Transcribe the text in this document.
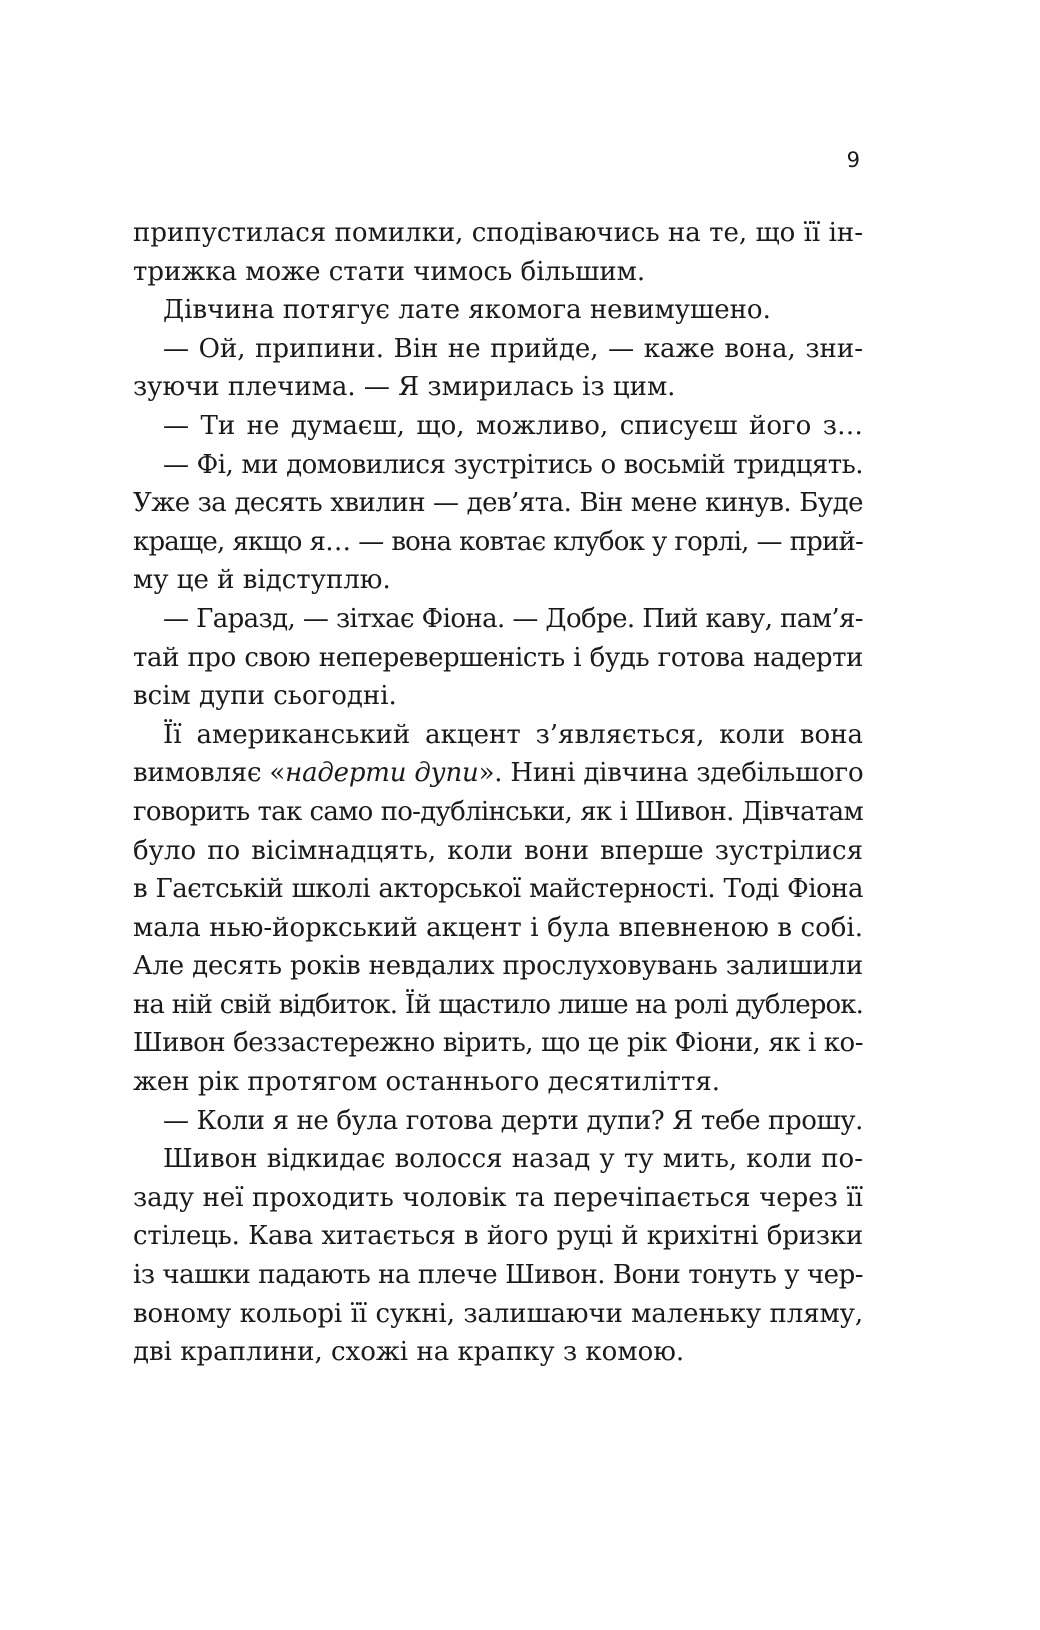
9
припустилася помилки, сподіваючись на те, що її ін-
трижка може стати чимось більшим.
Дівчина потягує лате якомога невимушено.
— Ой, припини. Він не прийде, — каже вона, зни-
зуючи плечима. — Я змирилась із цим.
— Ти не думаєш, що, можливо, списуєш його з…
— Фі, ми домовилися зустрітись о восьмій тридцять.
Уже за десять хвилин — дев’ята. Він мене кинув. Буде
краще, якщо я… — вона ковтає клубок у горлі, — прий-
му це й відступлю.
— Гаразд, — зітхає Фіона. — Добре. Пий каву, пам’я-
тай про свою неперевершеність і будь готова надерти
всім дупи сьогодні.
Її американський акцент з’являється, коли вона
вимовляє «надерти дупи». Нині дівчина здебільшого
говорить так само по-дублінськи, як і Шивон. Дівчатам
було по вісімнадцять, коли вони вперше зустрілися
в Гаєтській школі акторської майстерності. Тоді Фіона
мала нью-йоркський акцент і була впевненою в собі.
Але десять років невдалих прослуховувань залишили
на ній свій відбиток. Їй щастило лише на ролі дублерок.
Шивон беззастережно вірить, що це рік Фіони, як і ко-
жен рік протягом останнього десятиліття.
— Коли я не була готова дерти дупи? Я тебе прошу.
Шивон відкидає волосся назад у ту мить, коли по-
заду неї проходить чоловік та перечіпається через її
стілець. Кава хитається в його руці й крихітні бризки
із чашки падають на плече Шивон. Вони тонуть у чер-
воному кольорі її сукні, залишаючи маленьку пляму,
дві краплини, схожі на крапку з комою.
